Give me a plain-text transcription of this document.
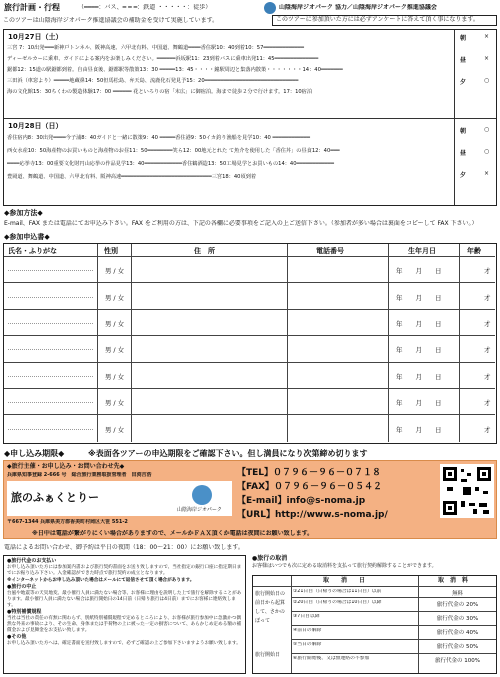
旅行計画・行程	（━━━━：バス、━ ━ ━：鉄道 ・・・・・：徒歩）	山陰海岸ジオパーク 協力／山陰海岸ジオパーク推進協議会
このツアーは山陰海岸ジオパーク推進協議会の補助金を受けて実施しています。	このツアーに参加頂いた方には必ずアンケートに答えて頂く事になります。
10月27日（土）
三宮 7：10出発━━━新神戸トンネル、阪神高速、六甲北有料、中国道、舞鶴道━━━━香住駅10：40到着10：57━━━━━━━━━━━━━
ディーゼルカーに乗車、ガイドによる案内をお楽しみください。━━━━━━浜坂駅11：23到着バスに乗車出発11：45━━━━━━━━━━━━━━
鋸都12：15道の駅鋸都到着。自由昼食後、鋸都駅等散策13：30 ━━━━━13：45・・・・鐘駅周辺と集落内散策・・・・・・・14：40━━━━━━━
三田浜（車窓より）━━━━━地蔵鼻14：50但馬松島、弁天島、流鹿化石発見予15：20━━━━━━━━━━━━━━━━━━━━━━━━━━━━━━
海の文化館15：30ちくわの製造体験17：00 ━━━━━━ 花といろりの宿「末広」に御宿泊。海まで徒歩２分で行けます。17：10宿泊
朝	×
昼	×
夕	○
10月28日（日）
香住宿内8：30出発━━━━今子浦8：40ガイドと一緒に散策9：40 ━━━━━香住港9：50イカ釣り漁船を見学10：40 ━━━━━━━━━━━━
西女水産10：50海産物のお買いものと海産物のお昼11：50━━━━━━━━笑ら12：00地元とれた て魚介を使用した「香住丼」の昼食12：40━━━
━━━━応挙寺13：00重要文化財円山応挙の作品見学13：40━━━━━━━━━━━━香住鶴酒造13：50工場見学とお買いもの14：40━━━━━━━━━━━━
豊岡道、舞鶴道、中国道、六甲北有料、阪神高速━━━━━━━━━━━━━━━━━━━━━━━━━━━━━三宮18：40頃到着
朝	○
昼	○
夕	×
◆参加方法◆
E-mail、FAX または電話にてお申込み下さい。FAX をご利用の方は、下記の各欄に必要事項をご記入の上ご送信下さい。（参加者が多い場合は裏面をコピーして FAX 下さい。）
◆参加申込書◆
氏名・ふりがな	性別	住　所	電話番号	生年月日	年齢
男 / 女	年　　月　　日	才
男 / 女	年　　月　　日	才
男 / 女	年　　月　　日	才
男 / 女	年　　月　　日	才
男 / 女	年　　月　　日	才
男 / 女	年　　月　　日	才
男 / 女	年　　月　　日	才
◆申し込み期限◆	※表面各ツアーの申込期限をご確認下さい。但し満員になり次第締め切ります
◆旅行主催・お申し込み・お問い合わせ先◆
兵庫県知事登録 2-666 号　総合旅行業務取扱管理者　田渕吉浩
旅のふぁくとりー
山陰海岸ジオパーク
〒667-1344 兵庫県美方郡香美町村岡区大笹 551-2
【TEL】０７９６－９６－０７１８
【FAX】０７９６－９６－０５４２
【E-mail】info@s-noma.jp
【URL】http://www.s-noma.jp/
※日中は電話が繋がりにくい場合がありますので、メールかＦＡＸ頂くか電話は夜間にお願い致します。
電話によるお問い合わせ、御予約は平日の夜間（18：00～21：00）にお願い致します。
●旅行代金のお支払い
お申し込み頂いた方には参加案内書および旅行契約書面をお送り致しますので、当社指定の銀行口座に指定期日までにお振り込み下さい。入金確認ができた時点で旅行契約の成立となります。
※インターネットからお申し込み頂いた場合はメールにて返信させて頂く場合があります。
●旅行の中止
台風や地震等の天災地変、最小催行人員に満たない場合等、お客様に理由を説明した上で旅行を解除することがあります。最小催行人員に満たない場合は旅行開始日の14日前（日帰り旅行は4日前）までにお客様に連絡致します。
●特別補償規程
当社は当社の責任の有無に関わらず、別紙特別補償規程で定めるところにより、お客様が旅行参加中に急激かつ偶然な外来の事故により、その生命、身体または手荷物の上に被った一定の損害について、あらかじめ定める額の補償金および見舞金をお支払い致します。
●その他
お申し込み頂いた方へは、確定書面を送付致しますので、必ずご確認の上ご参加下さいますようお願い致します。
●旅行の取消
お客様はいつでも次に定める取消料を支払って旅行契約解除することができます。
取　　消　　日	取　消　料
旅行開始日の前日から起算して、さかのぼって
旅行開始日
①21日目（日帰りの場合は11日目）以前	無料
②20日目（日帰りの場合は10日目）以降	旅行代金の 20%
③7日目以降	旅行代金の 30%
④前日の解除	旅行代金の 40%
⑤当日の解除	旅行代金の 50%
⑥旅行開始後、又は無連絡の不参加	旅行代金の 100%
